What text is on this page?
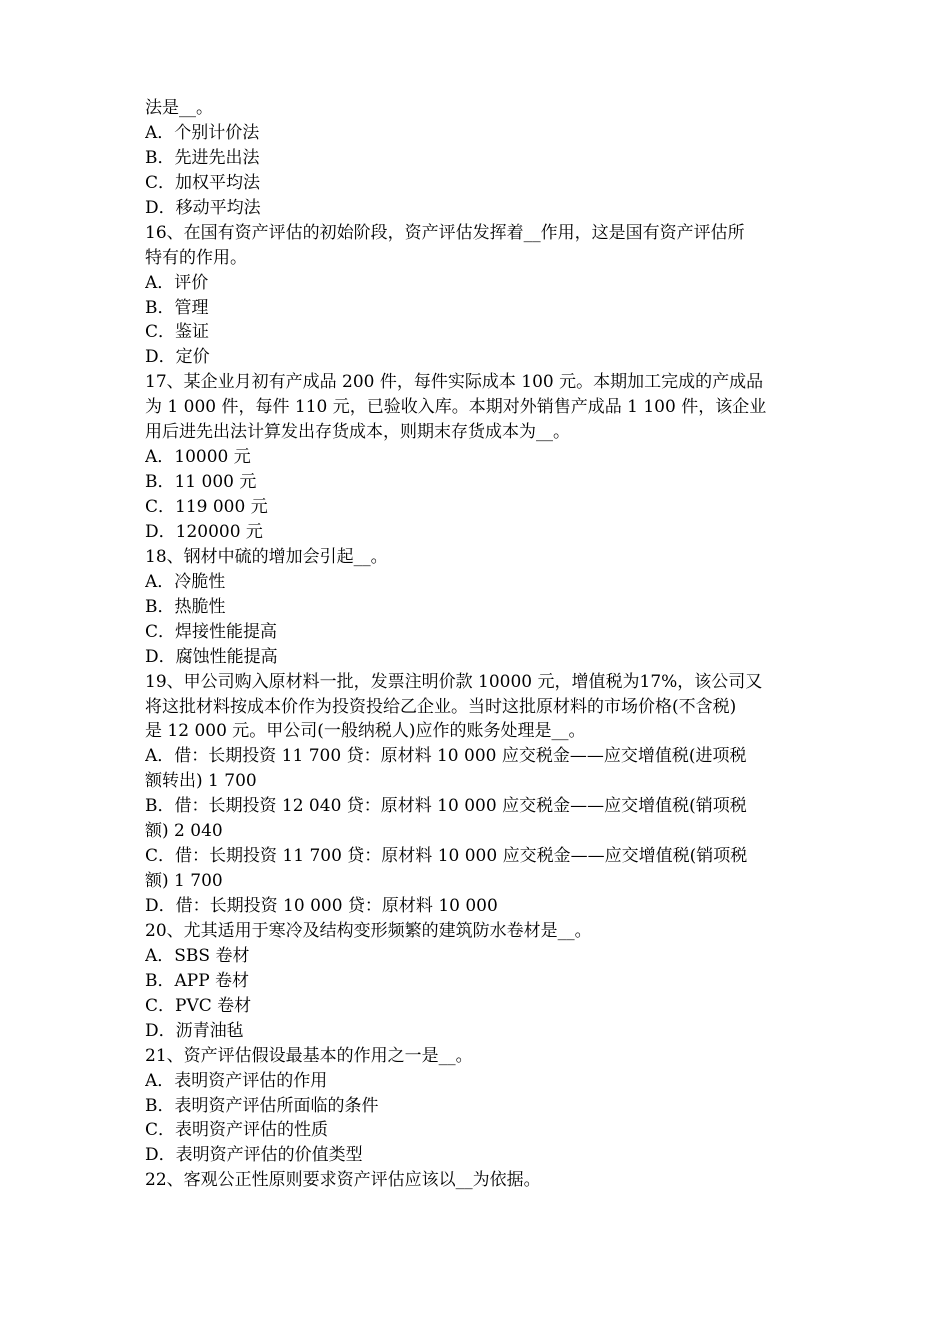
法是__。
A．个别计价法
B．先进先出法
C．加权平均法
D．移动平均法
16、在国有资产评估的初始阶段，资产评估发挥着__作用，这是国有资产评估所
特有的作用。
A．评价
B．管理
C．鉴证
D．定价
17、某企业月初有产成品 200 件，每件实际成本 100 元。本期加工完成的产成品
为 1 000 件，每件 110 元，已验收入库。本期对外销售产成品 1 100 件，该企业
用后进先出法计算发出存货成本，则期末存货成本为__。
A．10000 元
B．11 000 元
C．119 000 元
D．120000 元
18、钢材中硫的增加会引起__。
A．冷脆性
B．热脆性
C．焊接性能提高
D．腐蚀性能提高
19、甲公司购入原材料一批，发票注明价款 10000 元，增值税为17%，该公司又
将这批材料按成本价作为投资投给乙企业。当时这批原材料的市场价格(不含税)
是 12 000 元。甲公司(一般纳税人)应作的账务处理是__。
A．借：长期投资 11 700 贷：原材料 10 000 应交税金——应交增值税(进项税
额转出) 1 700
B．借：长期投资 12 040 贷：原材料 10 000 应交税金——应交增值税(销项税
额) 2 040
C．借：长期投资 11 700 贷：原材料 10 000 应交税金——应交增值税(销项税
额) 1 700
D．借：长期投资 10 000 贷：原材料 10 000
20、尤其适用于寒冷及结构变形频繁的建筑防水卷材是__。
A．SBS 卷材
B．APP 卷材
C．PVC 卷材
D．沥青油毡
21、资产评估假设最基本的作用之一是__。
A．表明资产评估的作用
B．表明资产评估所面临的条件
C．表明资产评估的性质
D．表明资产评估的价值类型
22、客观公正性原则要求资产评估应该以__为依据。
